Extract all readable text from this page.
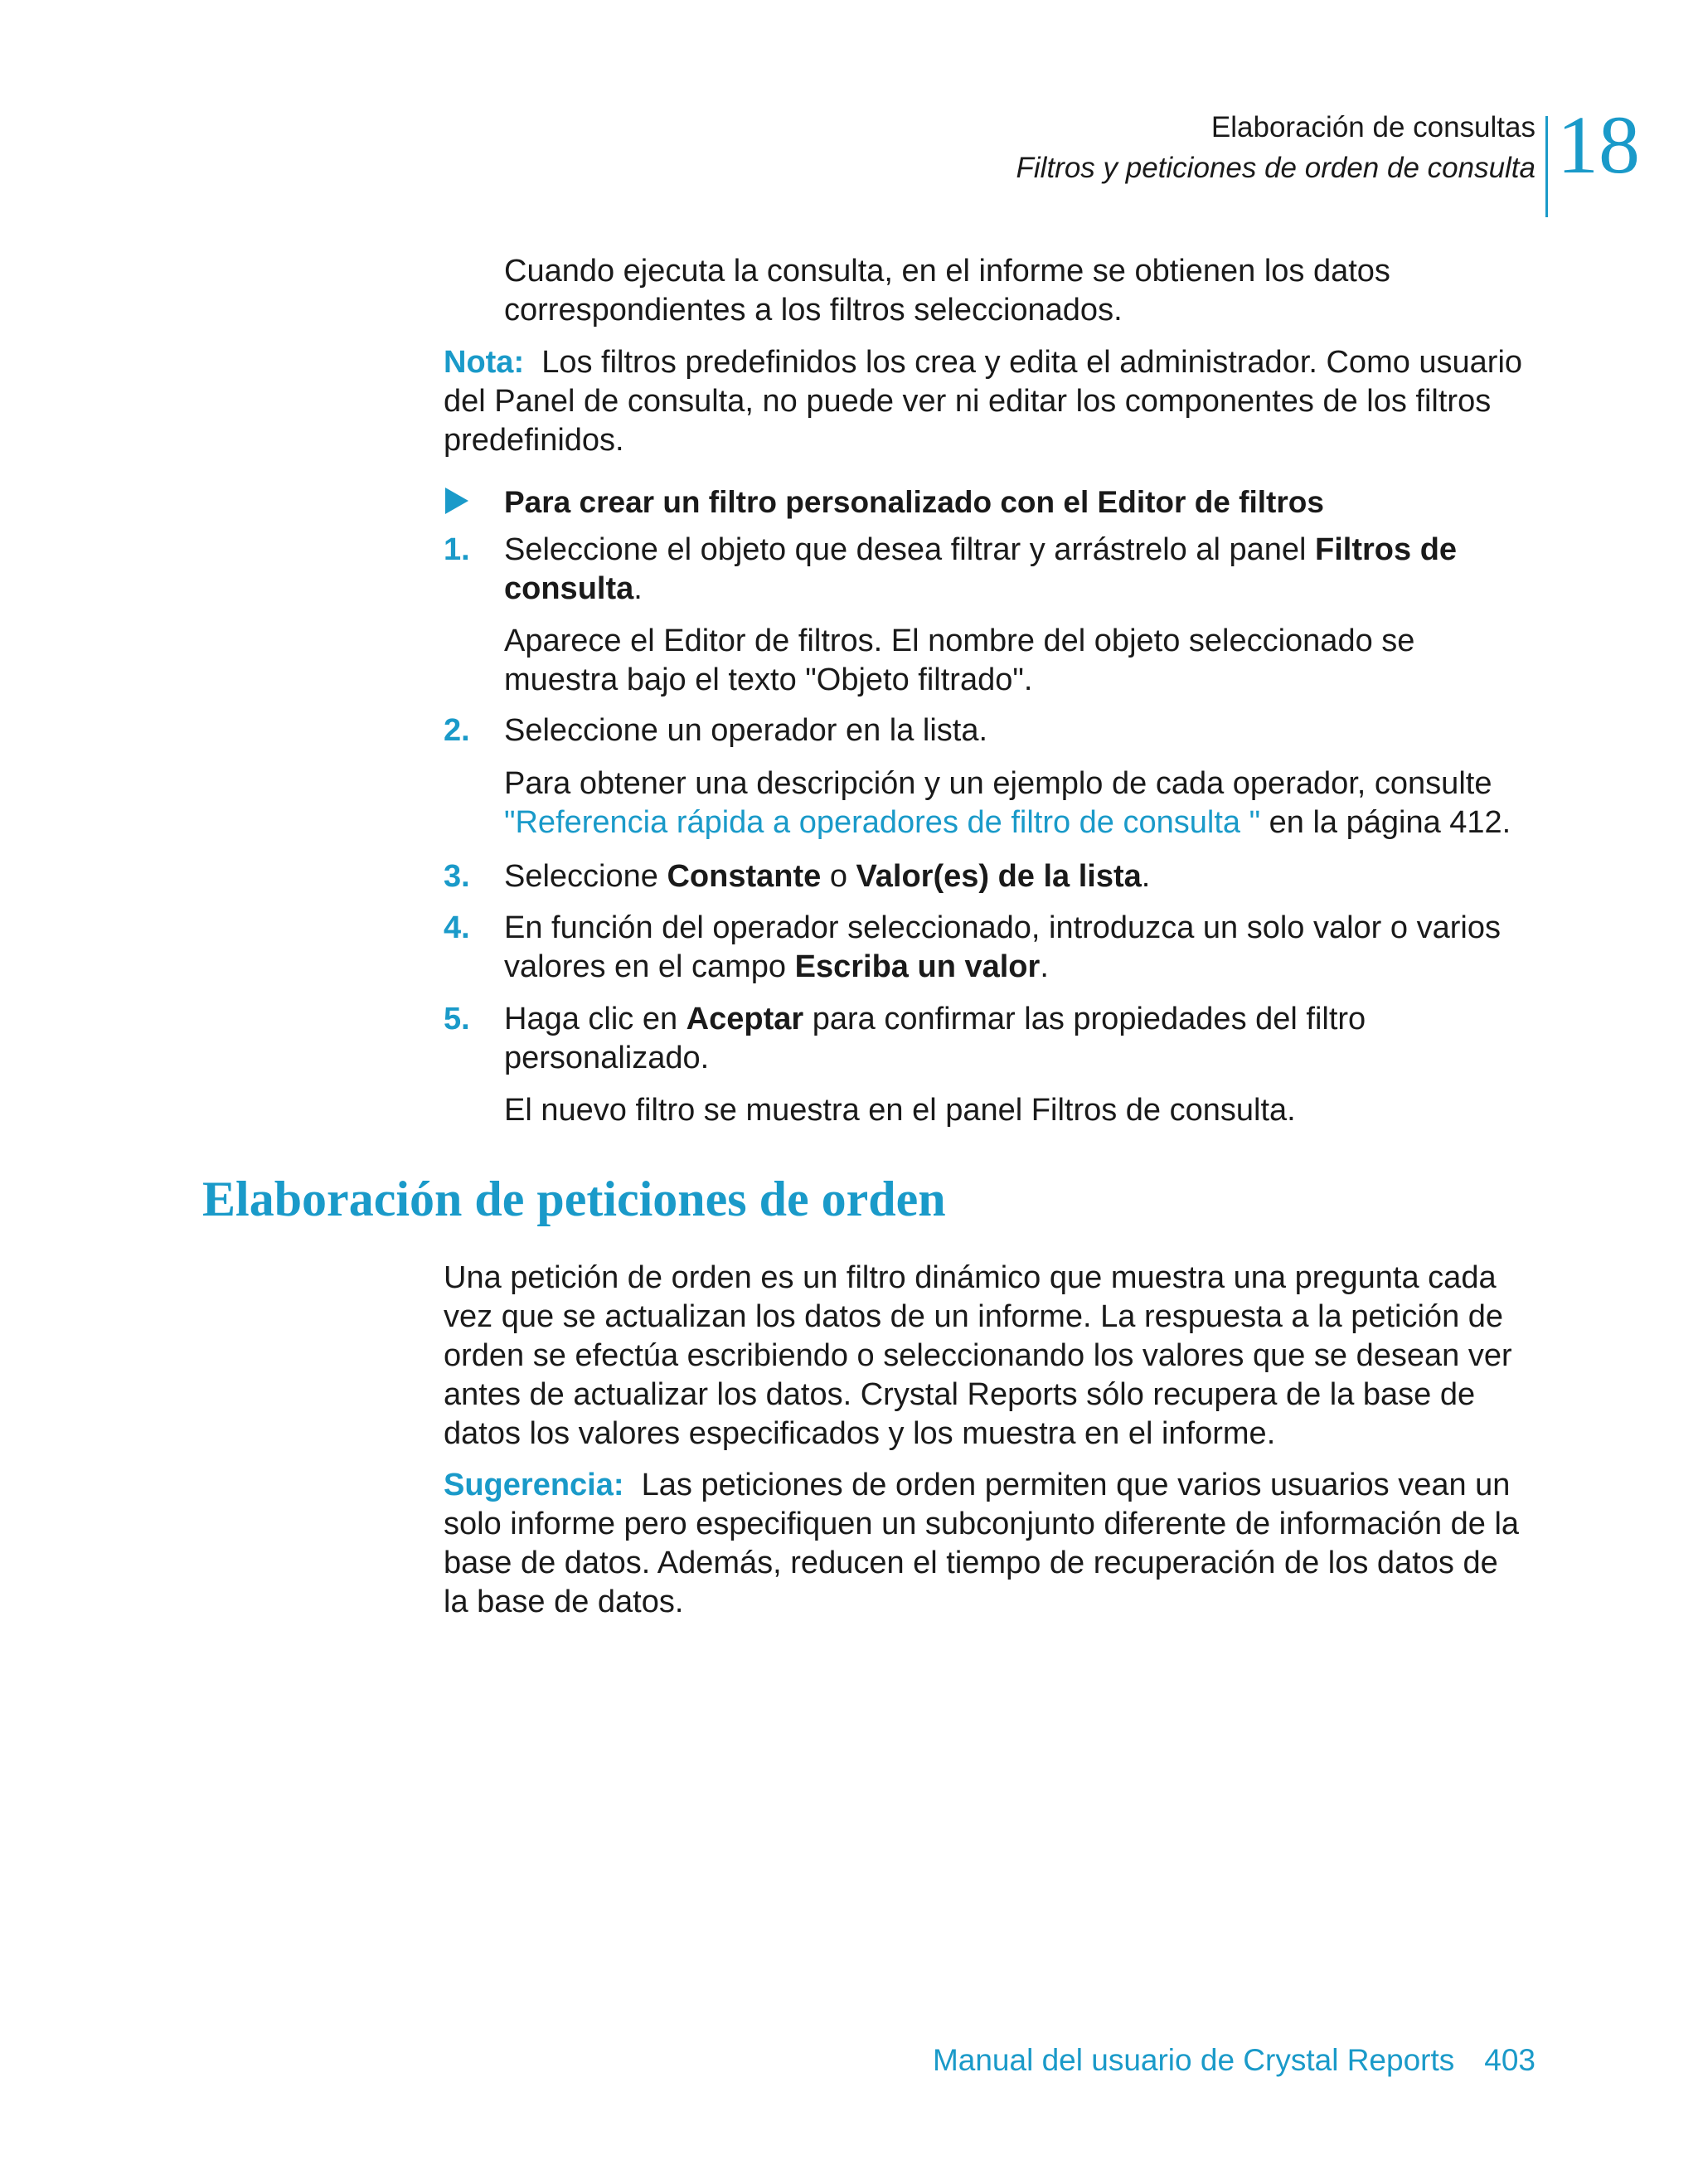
Elaboración de consultas
Filtros y peticiones de orden de consulta 18

Cuando ejecuta la consulta, en el informe se obtienen los datos
correspondientes a los filtros seleccionados.

Nota: Los filtros predefinidos los crea y edita el administrador. Como usuario
del Panel de consulta, no puede ver ni editar los componentes de los filtros
predefinidos.

Para crear un filtro personalizado con el Editor de filtros

1. Seleccione el objeto que desea filtrar y arrástrelo al panel Filtros de
consulta.

Aparece el Editor de filtros. El nombre del objeto seleccionado se
muestra bajo el texto "Objeto filtrado".

2. Seleccione un operador en la lista.

Para obtener una descripción y un ejemplo de cada operador, consulte
"Referencia rápida a operadores de filtro de consulta " en la página 412.

3. Seleccione Constante o Valor(es) de la lista.

4. En función del operador seleccionado, introduzca un solo valor o varios
valores en el campo Escriba un valor.

5. Haga clic en Aceptar para confirmar las propiedades del filtro
personalizado.

El nuevo filtro se muestra en el panel Filtros de consulta.

Elaboración de peticiones de orden

Una petición de orden es un filtro dinámico que muestra una pregunta cada
vez que se actualizan los datos de un informe. La respuesta a la petición de
orden se efectúa escribiendo o seleccionando los valores que se desean ver
antes de actualizar los datos. Crystal Reports sólo recupera de la base de
datos los valores especificados y los muestra en el informe.

Sugerencia: Las peticiones de orden permiten que varios usuarios vean un
solo informe pero especifiquen un subconjunto diferente de información de la
base de datos. Además, reducen el tiempo de recuperación de los datos de
la base de datos.

Manual del usuario de Crystal Reports 403
